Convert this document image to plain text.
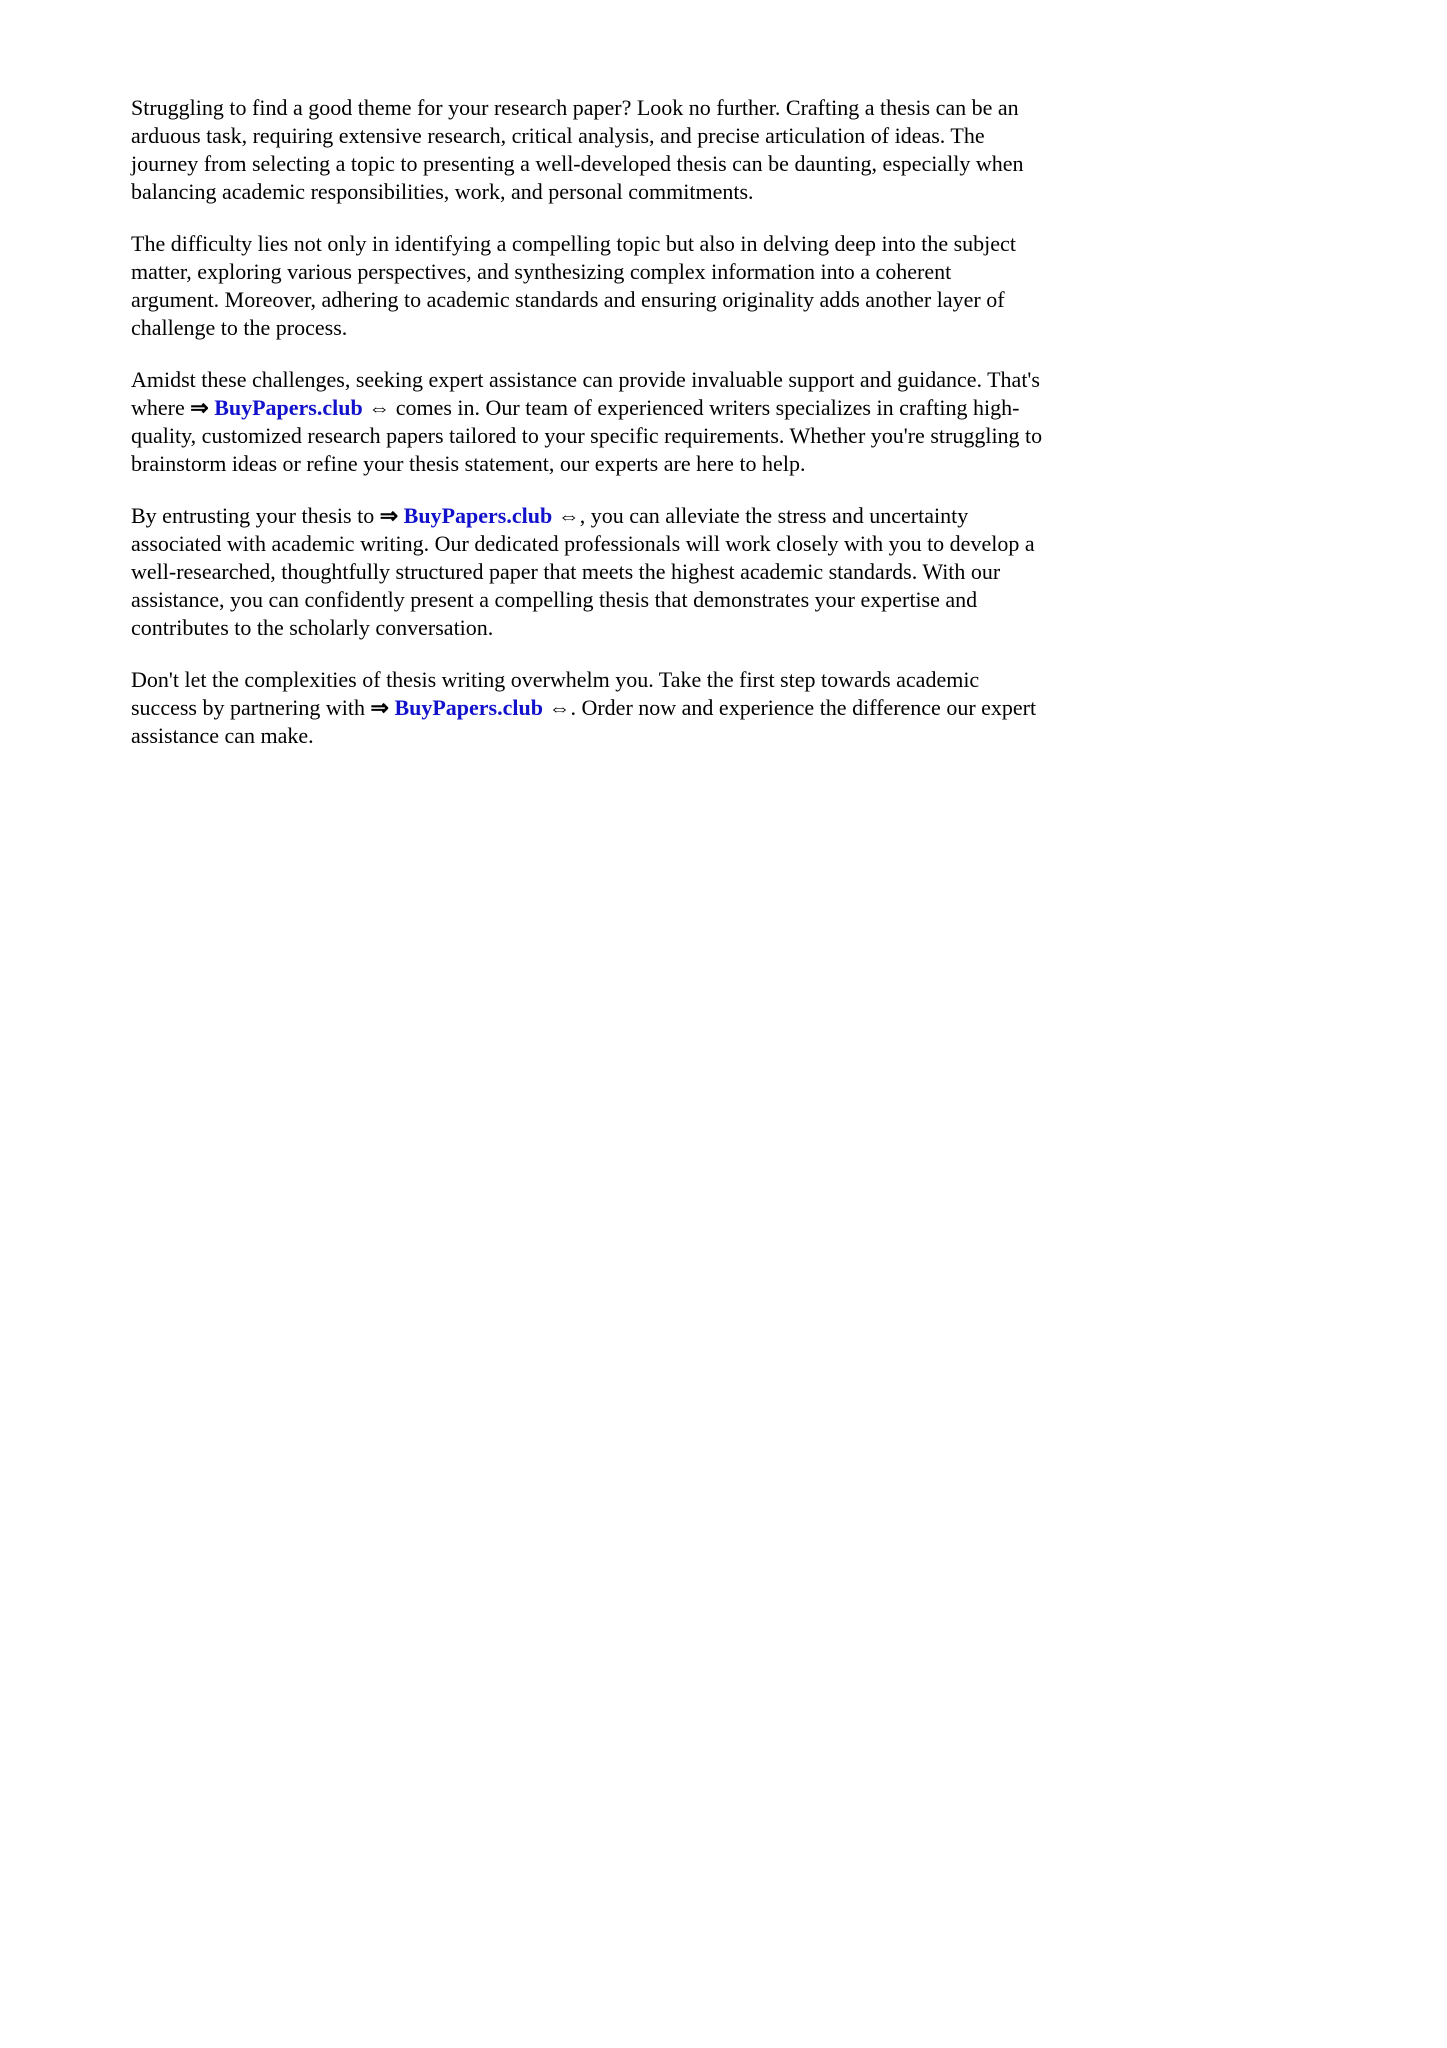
Struggling to find a good theme for your research paper? Look no further. Crafting a thesis can be an arduous task, requiring extensive research, critical analysis, and precise articulation of ideas. The journey from selecting a topic to presenting a well-developed thesis can be daunting, especially when balancing academic responsibilities, work, and personal commitments.

The difficulty lies not only in identifying a compelling topic but also in delving deep into the subject matter, exploring various perspectives, and synthesizing complex information into a coherent argument. Moreover, adhering to academic standards and ensuring originality adds another layer of challenge to the process.

Amidst these challenges, seeking expert assistance can provide invaluable support and guidance. That's where ⇒ BuyPapers.club ⇔ comes in. Our team of experienced writers specializes in crafting high-quality, customized research papers tailored to your specific requirements. Whether you're struggling to brainstorm ideas or refine your thesis statement, our experts are here to help.

By entrusting your thesis to ⇒ BuyPapers.club ⇔, you can alleviate the stress and uncertainty associated with academic writing. Our dedicated professionals will work closely with you to develop a well-researched, thoughtfully structured paper that meets the highest academic standards. With our assistance, you can confidently present a compelling thesis that demonstrates your expertise and contributes to the scholarly conversation.

Don't let the complexities of thesis writing overwhelm you. Take the first step towards academic success by partnering with ⇒ BuyPapers.club ⇔. Order now and experience the difference our expert assistance can make.
